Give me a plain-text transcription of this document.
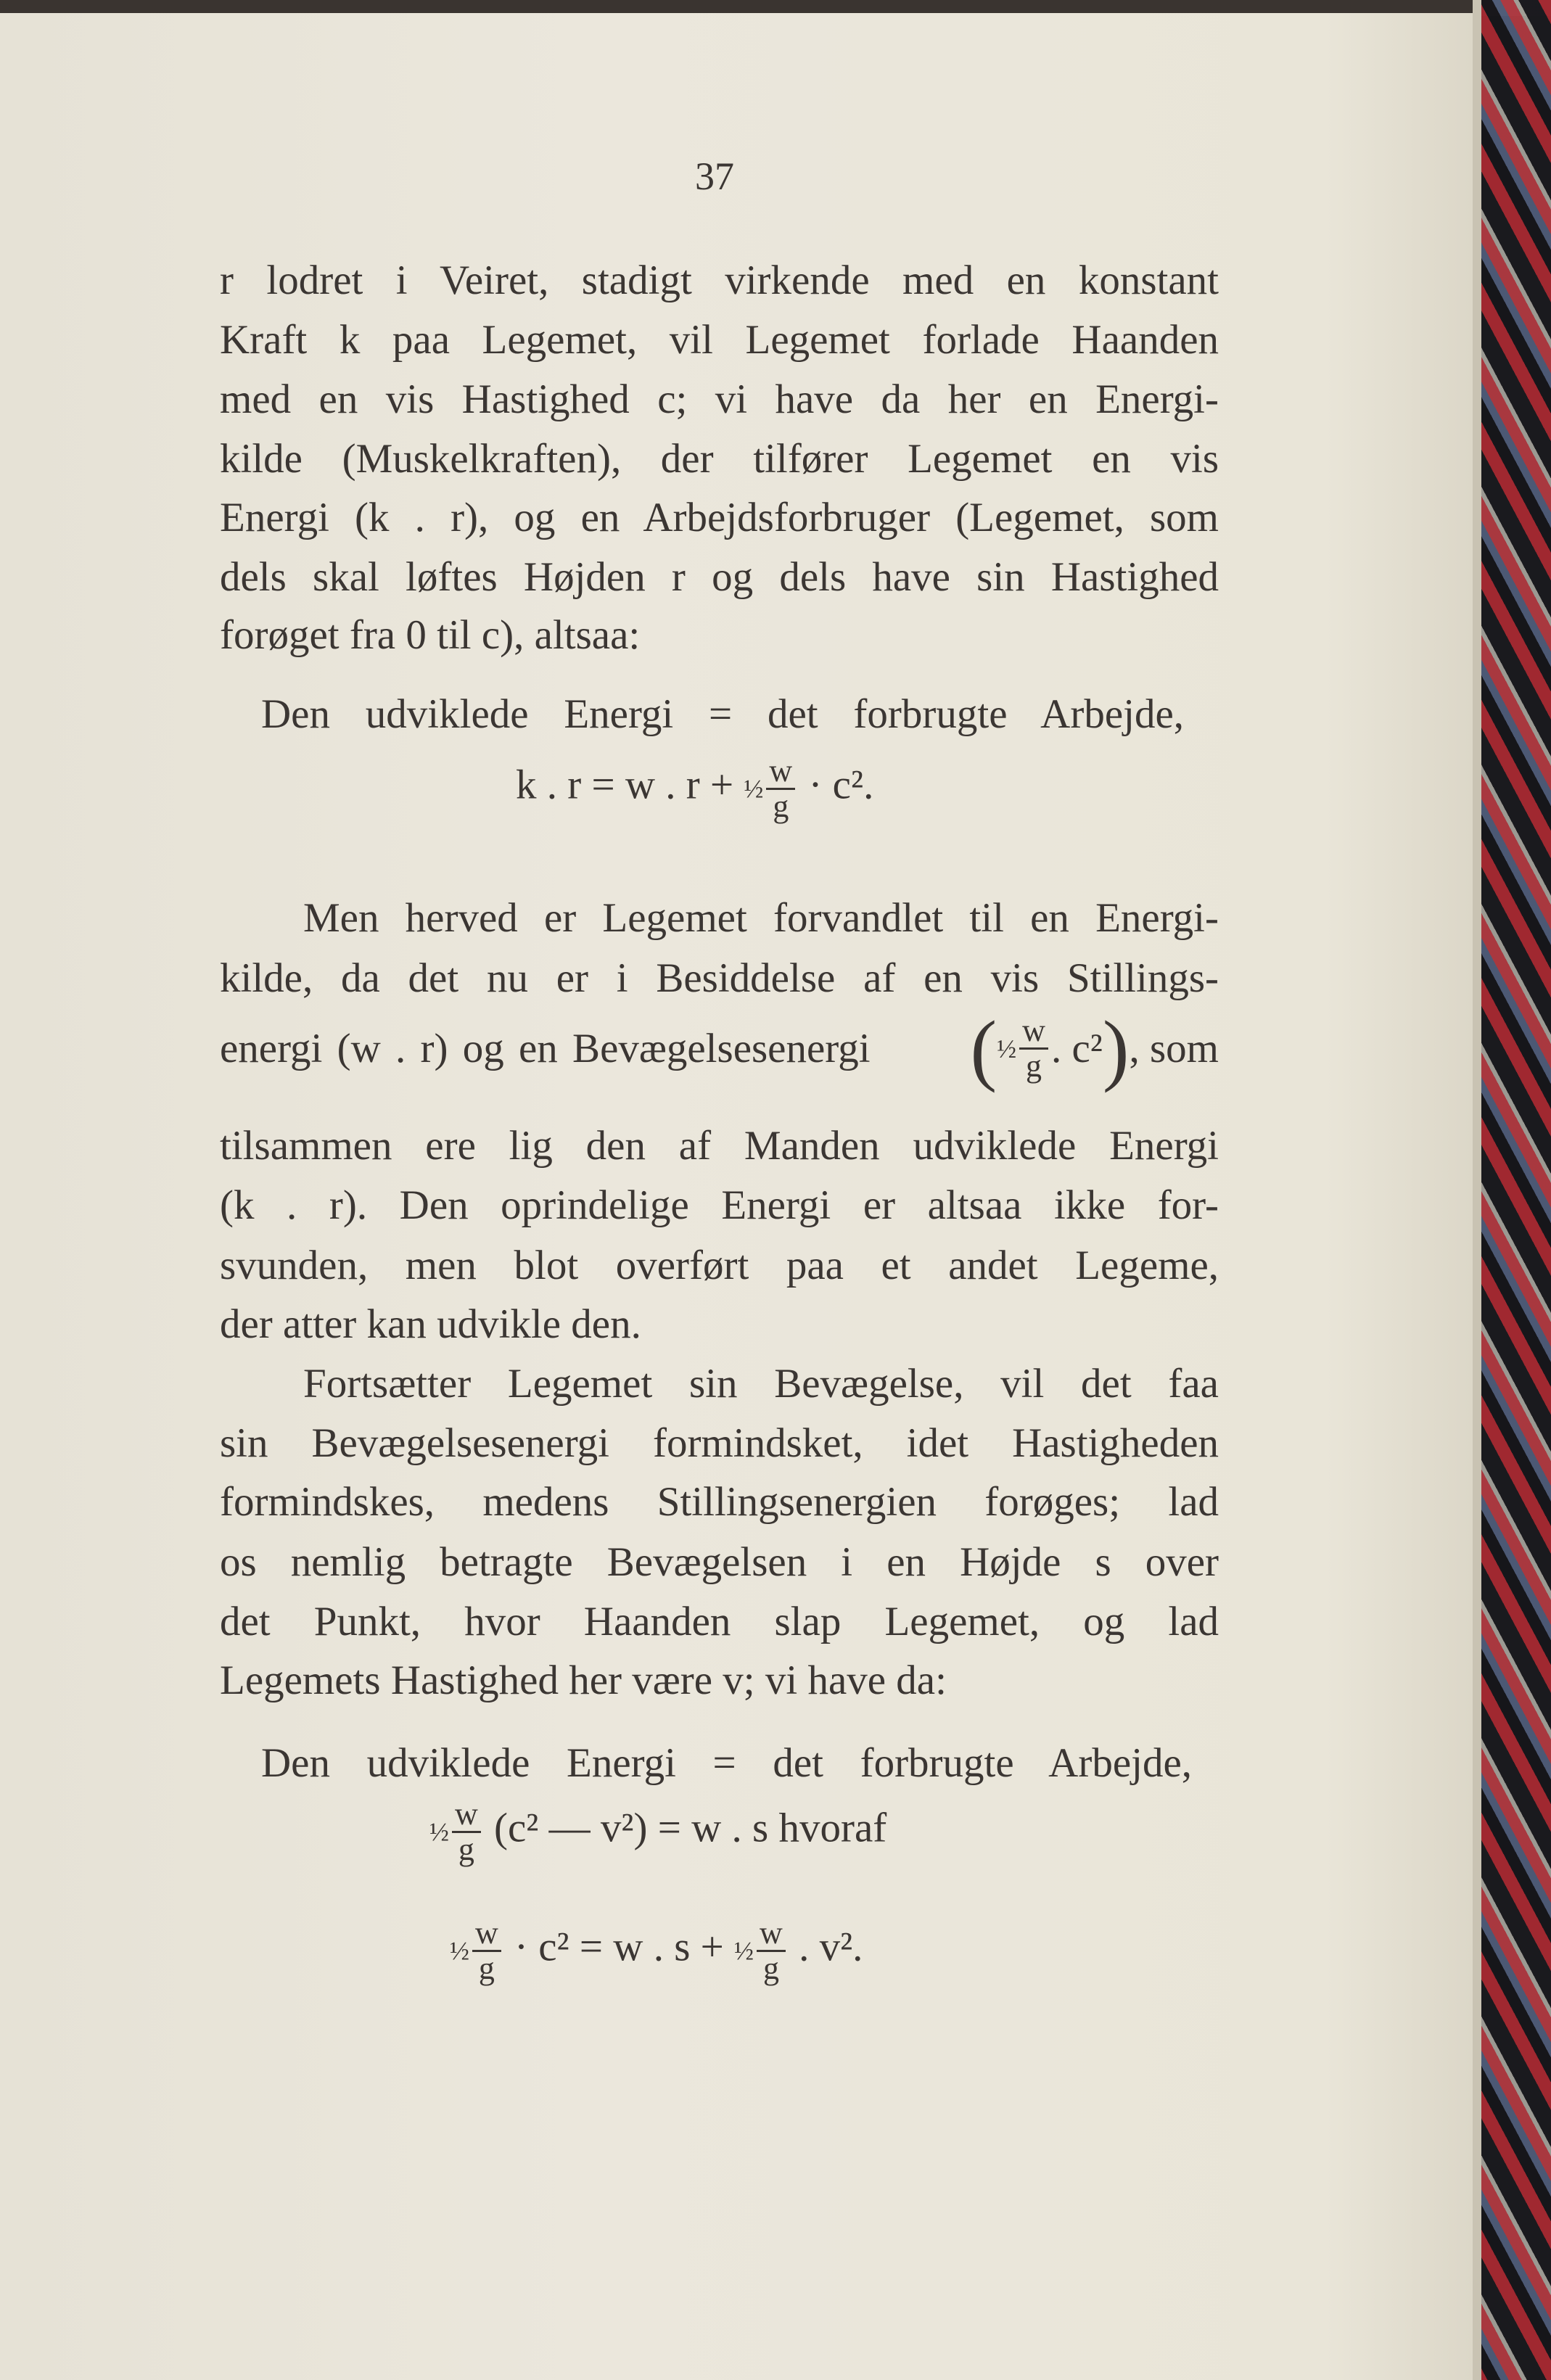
37
r lodret i Veiret, stadigt virkende med en konstant
Kraft k paa Legemet, vil Legemet forlade Haanden
med en vis Hastighed c; vi have da her en Energi-
kilde (Muskelkraften), der tilfører Legemet en vis
Energi (k . r), og en Arbejdsforbruger (Legemet, som
dels skal løftes Højden r og dels have sin Hastighed
forøget fra 0 til c), altsaa:
Den udviklede Energi = det forbrugte Arbejde,
k . r = w . r + ½ $\frac{w}{g} \cdot c^2$.
Men herved er Legemet forvandlet til en Energi-
kilde, da det nu er i Besiddelse af en vis Stillings-
energi (w . r) og en Bevægelsesenergi ( ½ $\frac{w}{g}$ . c² ) , som
tilsammen ere lig den af Manden udviklede Energi
(k . r). Den oprindelige Energi er altsaa ikke for-
svunden, men blot overført paa et andet Legeme,
der atter kan udvikle den.
Fortsætter Legemet sin Bevægelse, vil det faa
sin Bevægelsesenergi formindsket, idet Hastigheden
formindskes, medens Stillingsenergien forøges; lad
os nemlig betragte Bevægelsen i en Højde s over
det Punkt, hvor Haanden slap Legemet, og lad
Legemets Hastighed her være v; vi have da:
Den udviklede Energi = det forbrugte Arbejde,
½ $\frac{w}{g} (c^2$ — v²) = w . s hvoraf
½ $\frac{w}{g} \cdot c^2 = w$ . s + ½ $\frac{w}{g}$ . v².
